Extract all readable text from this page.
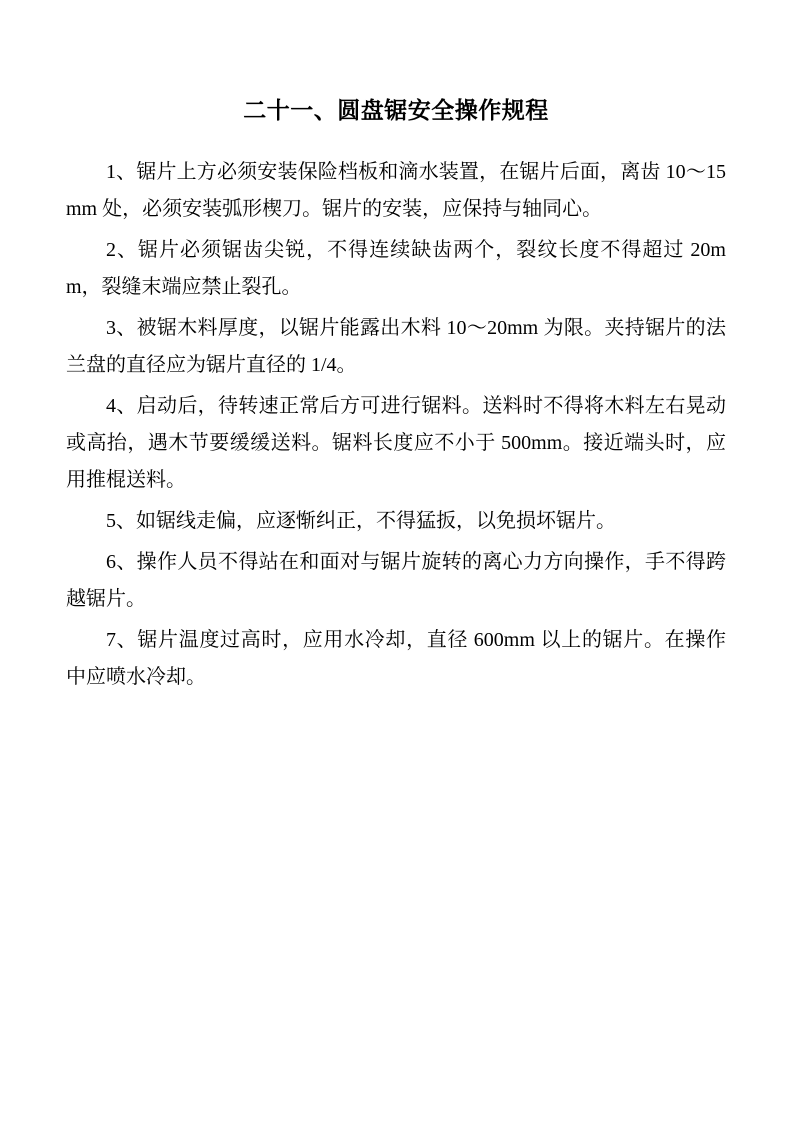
二十一、圆盘锯安全操作规程

1、锯片上方必须安装保险档板和滴水装置，在锯片后面，离齿 10～15mm 处，必须安装弧形楔刀。锯片的安装，应保持与轴同心。

2、锯片必须锯齿尖锐，不得连续缺齿两个，裂纹长度不得超过 20mm，裂缝末端应禁止裂孔。

3、被锯木料厚度，以锯片能露出木料 10～20mm 为限。夹持锯片的法兰盘的直径应为锯片直径的 1/4。

4、启动后，待转速正常后方可进行锯料。送料时不得将木料左右晃动或高抬，遇木节要缓缓送料。锯料长度应不小于 500mm。接近端头时，应用推棍送料。

5、如锯线走偏，应逐惭纠正，不得猛扳，以免损坏锯片。

6、操作人员不得站在和面对与锯片旋转的离心力方向操作，手不得跨越锯片。

7、锯片温度过高时，应用水冷却，直径 600mm 以上的锯片。在操作中应喷水冷却。
